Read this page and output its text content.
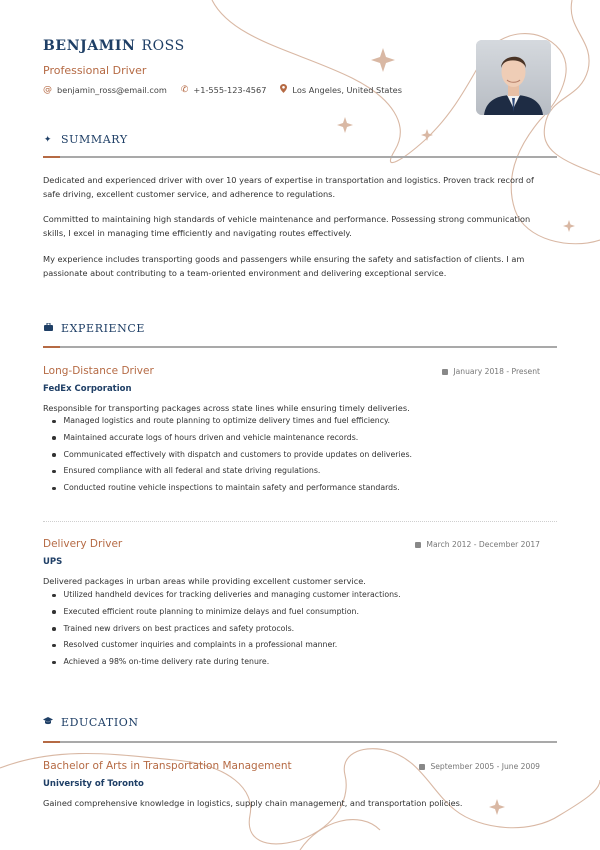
BENJAMIN ROSS
Professional Driver
@ benjamin_ross@email.com ✆ +1-555-123-4567	Los Angeles, United States
✦ SUMMARY
Dedicated and experienced driver with over 10 years of expertise in transportation and logistics. Proven track record of safe driving, excellent customer service, and adherence to regulations.
Committed to maintaining high standards of vehicle maintenance and performance. Possessing strong communication skills, I excel in managing time efficiently and navigating routes effectively.
My experience includes transporting goods and passengers while ensuring the safety and satisfaction of clients. I am passionate about contributing to a team-oriented environment and delivering exceptional service.
EXPERIENCE
Long-Distance Driver	January 2018 - Present
FedEx Corporation
Responsible for transporting packages across state lines while ensuring timely deliveries.
Managed logistics and route planning to optimize delivery times and fuel efficiency.
Maintained accurate logs of hours driven and vehicle maintenance records.
Communicated effectively with dispatch and customers to provide updates on deliveries.
Ensured compliance with all federal and state driving regulations.
Conducted routine vehicle inspections to maintain safety and performance standards.
Delivery Driver	March 2012 - December 2017
UPS
Delivered packages in urban areas while providing excellent customer service.
Utilized handheld devices for tracking deliveries and managing customer interactions.
Executed efficient route planning to minimize delays and fuel consumption.
Trained new drivers on best practices and safety protocols.
Resolved customer inquiries and complaints in a professional manner.
Achieved a 98% on-time delivery rate during tenure.
EDUCATION
Bachelor of Arts in Transportation Management	September 2005 - June 2009
University of Toronto
Gained comprehensive knowledge in logistics, supply chain management, and transportation policies.
